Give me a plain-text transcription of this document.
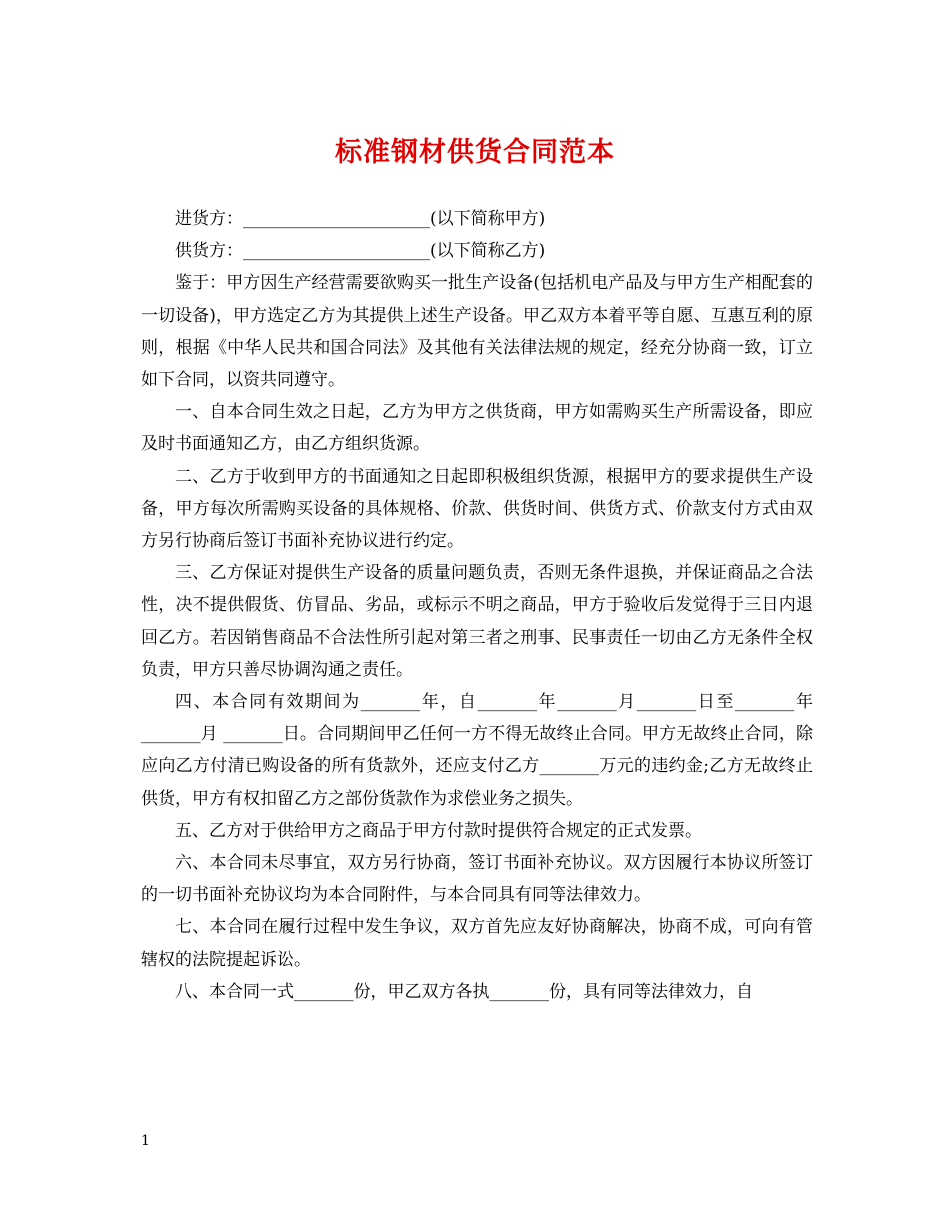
标准钢材供货合同范本

进货方：______________________(以下简称甲方)

供货方：______________________(以下简称乙方)

鉴于：甲方因生产经营需要欲购买一批生产设备(包括机电产品及与甲方生产相配套的一切设备)，甲方选定乙方为其提供上述生产设备。甲乙双方本着平等自愿、互惠互利的原则，根据《中华人民共和国合同法》及其他有关法律法规的规定，经充分协商一致，订立如下合同，以资共同遵守。

一、自本合同生效之日起，乙方为甲方之供货商，甲方如需购买生产所需设备，即应及时书面通知乙方，由乙方组织货源。

二、乙方于收到甲方的书面通知之日起即积极组织货源，根据甲方的要求提供生产设备，甲方每次所需购买设备的具体规格、价款、供货时间、供货方式、价款支付方式由双方另行协商后签订书面补充协议进行约定。

三、乙方保证对提供生产设备的质量问题负责，否则无条件退换，并保证商品之合法性，决不提供假货、仿冒品、劣品，或标示不明之商品，甲方于验收后发觉得于三日内退回乙方。若因销售商品不合法性所引起对第三者之刑事、民事责任一切由乙方无条件全权负责，甲方只善尽协调沟通之责任。

四、本合同有效期间为_______年，自_______年_______月_______日至_______年_______月 _______日。合同期间甲乙任何一方不得无故终止合同。甲方无故终止合同，除应向乙方付清已购设备的所有货款外，还应支付乙方_______万元的违约金;乙方无故终止供货，甲方有权扣留乙方之部份货款作为求偿业务之损失。

五、乙方对于供给甲方之商品于甲方付款时提供符合规定的正式发票。

六、本合同未尽事宜，双方另行协商，签订书面补充协议。双方因履行本协议所签订的一切书面补充协议均为本合同附件，与本合同具有同等法律效力。

七、本合同在履行过程中发生争议，双方首先应友好协商解决，协商不成，可向有管辖权的法院提起诉讼。

八、本合同一式_______份，甲乙双方各执_______份，具有同等法律效力，自

1
